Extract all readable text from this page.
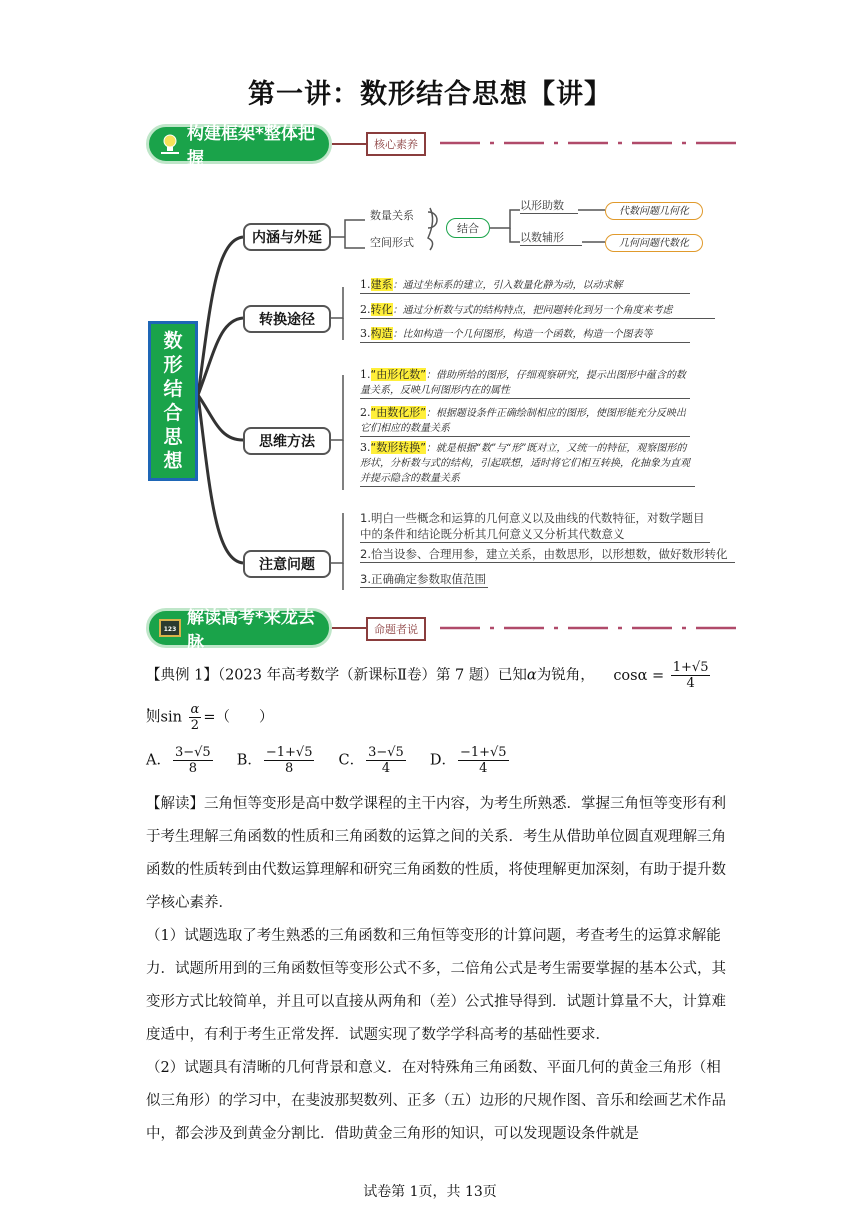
第一讲：数形结合思想【讲】
构建框架*整体把握
核心素养
数
形
结
合
思
想
内涵与外延
转换途径
思维方法
注意问题
数量关系
空间形式
结合
以形助数
以数辅形
代数问题几何化
几何问题代数化
1.建系：通过坐标系的建立，引入数量化静为动，以动求解
2.转化：通过分析数与式的结构特点，把问题转化到另一个角度来考虑
3.构造：比如构造一个几何图形，构造一个函数，构造一个图表等
1.“由形化数”：借助所给的图形，仔细观察研究，提示出图形中蕴含的数量关系，反映几何图形内在的属性
2.“由数化形”：根据题设条件正确绘制相应的图形，使图形能充分反映出它们相应的数量关系
3.“数形转换”：就是根据“数”与“形”既对立，又统一的特征，观察图形的形状，分析数与式的结构，引起联想，适时将它们相互转换，化抽象为直观并提示隐含的数量关系
1.明白一些概念和运算的几何意义以及曲线的代数特征，对数学题目中的条件和结论既分析其几何意义又分析其代数意义
2.恰当设参、合理用参，建立关系，由数思形，以形想数，做好数形转化
3.正确确定参数取值范围
123
解读高考*来龙去脉
命题者说
【典例 1】（2023 年高考数学（新课标Ⅱ卷）第 7 题）已知α为锐角， $\cos\alpha = \frac{1+√5}{4}$
，
则$\sin \frac{\alpha}{2}$ =（　　）
A． $\frac{3-√5}{8}$ B． $\frac{-1+√5}{8}$ C． $\frac{3-√5}{4}$ D． $\frac{-1+√5}{4}$
【解读】三角恒等变形是高中数学课程的主干内容，为考生所熟悉．掌握三角恒等变形有利于考生理解三角函数的性质和三角函数的运算之间的关系．考生从借助单位圆直观理解三角函数的性质转到由代数运算理解和研究三角函数的性质，将使理解更加深刻，有助于提升数学核心素养．
（1）试题选取了考生熟悉的三角函数和三角恒等变形的计算问题，考查考生的运算求解能力．试题所用到的三角函数恒等变形公式不多，二倍角公式是考生需要掌握的基本公式，其变形方式比较简单，并且可以直接从两角和（差）公式推导得到．试题计算量不大，计算难度适中，有利于考生正常发挥．试题实现了数学学科高考的基础性要求．
（2）试题具有清晰的几何背景和意义．在对特殊角三角函数、平面几何的黄金三角形（相似三角形）的学习中，在斐波那契数列、正多（五）边形的尺规作图、音乐和绘画艺术作品中，都会涉及到黄金分割比．借助黄金三角形的知识，可以发现题设条件就是
试卷第 1页，共 13页
